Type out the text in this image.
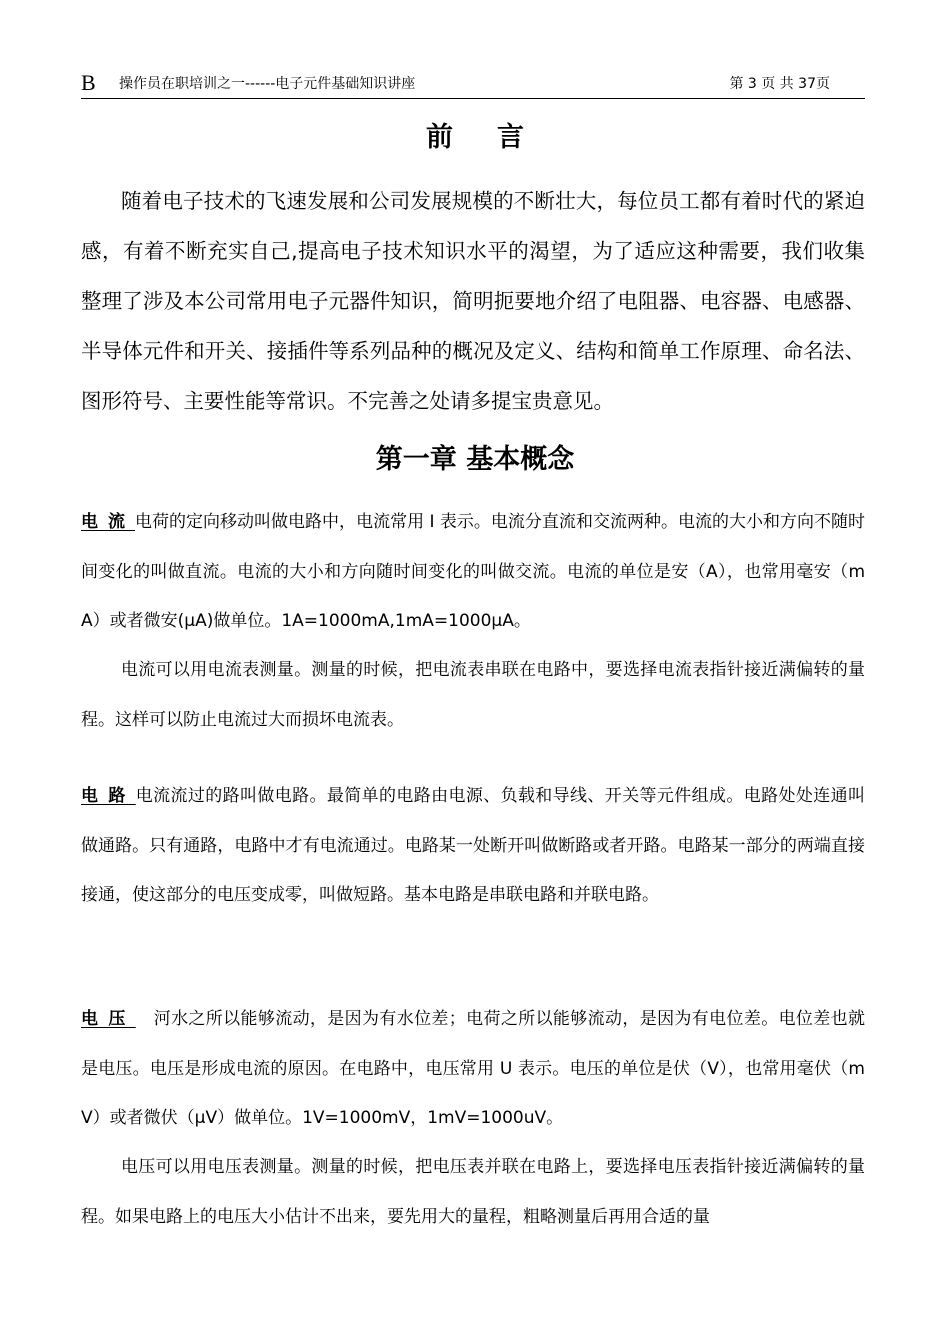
B 操作员在职培训之一------电子元件基础知识讲座	第 3 页 共 37页
前言

随着电子技术的飞速发展和公司发展规模的不断壮大，每位员工都有着时代的紧迫感，有着不断充实自己,提高电子技术知识水平的渴望，为了适应这种需要，我们收集整理了涉及本公司常用电子元器件知识，简明扼要地介绍了电阻器、电容器、电感器、半导体元件和开关、接插件等系列品种的概况及定义、结构和简单工作原理、命名法、图形符号、主要性能等常识。不完善之处请多提宝贵意见。

第一章 基本概念

电流电荷的定向移动叫做电路中，电流常用 I 表示。电流分直流和交流两种。电流的大小和方向不随时间变化的叫做直流。电流的大小和方向随时间变化的叫做交流。电流的单位是安（A），也常用毫安（mA）或者微安(μA)做单位。1A=1000mA,1mA=1000μA。

电流可以用电流表测量。测量的时候，把电流表串联在电路中，要选择电流表指针接近满偏转的量程。这样可以防止电流过大而损坏电流表。

电路电流流过的路叫做电路。最简单的电路由电源、负载和导线、开关等元件组成。电路处处连通叫做通路。只有通路，电路中才有电流通过。电路某一处断开叫做断路或者开路。电路某一部分的两端直接接通，使这部分的电压变成零，叫做短路。基本电路是串联电路和并联电路。

电压 河水之所以能够流动，是因为有水位差；电荷之所以能够流动，是因为有电位差。电位差也就是电压。电压是形成电流的原因。在电路中，电压常用 U 表示。电压的单位是伏（V），也常用毫伏（mV）或者微伏（μV）做单位。1V=1000mV，1mV=1000uV。

电压可以用电压表测量。测量的时候，把电压表并联在电路上，要选择电压表指针接近满偏转的量程。如果电路上的电压大小估计不出来，要先用大的量程，粗略测量后再用合适的量
